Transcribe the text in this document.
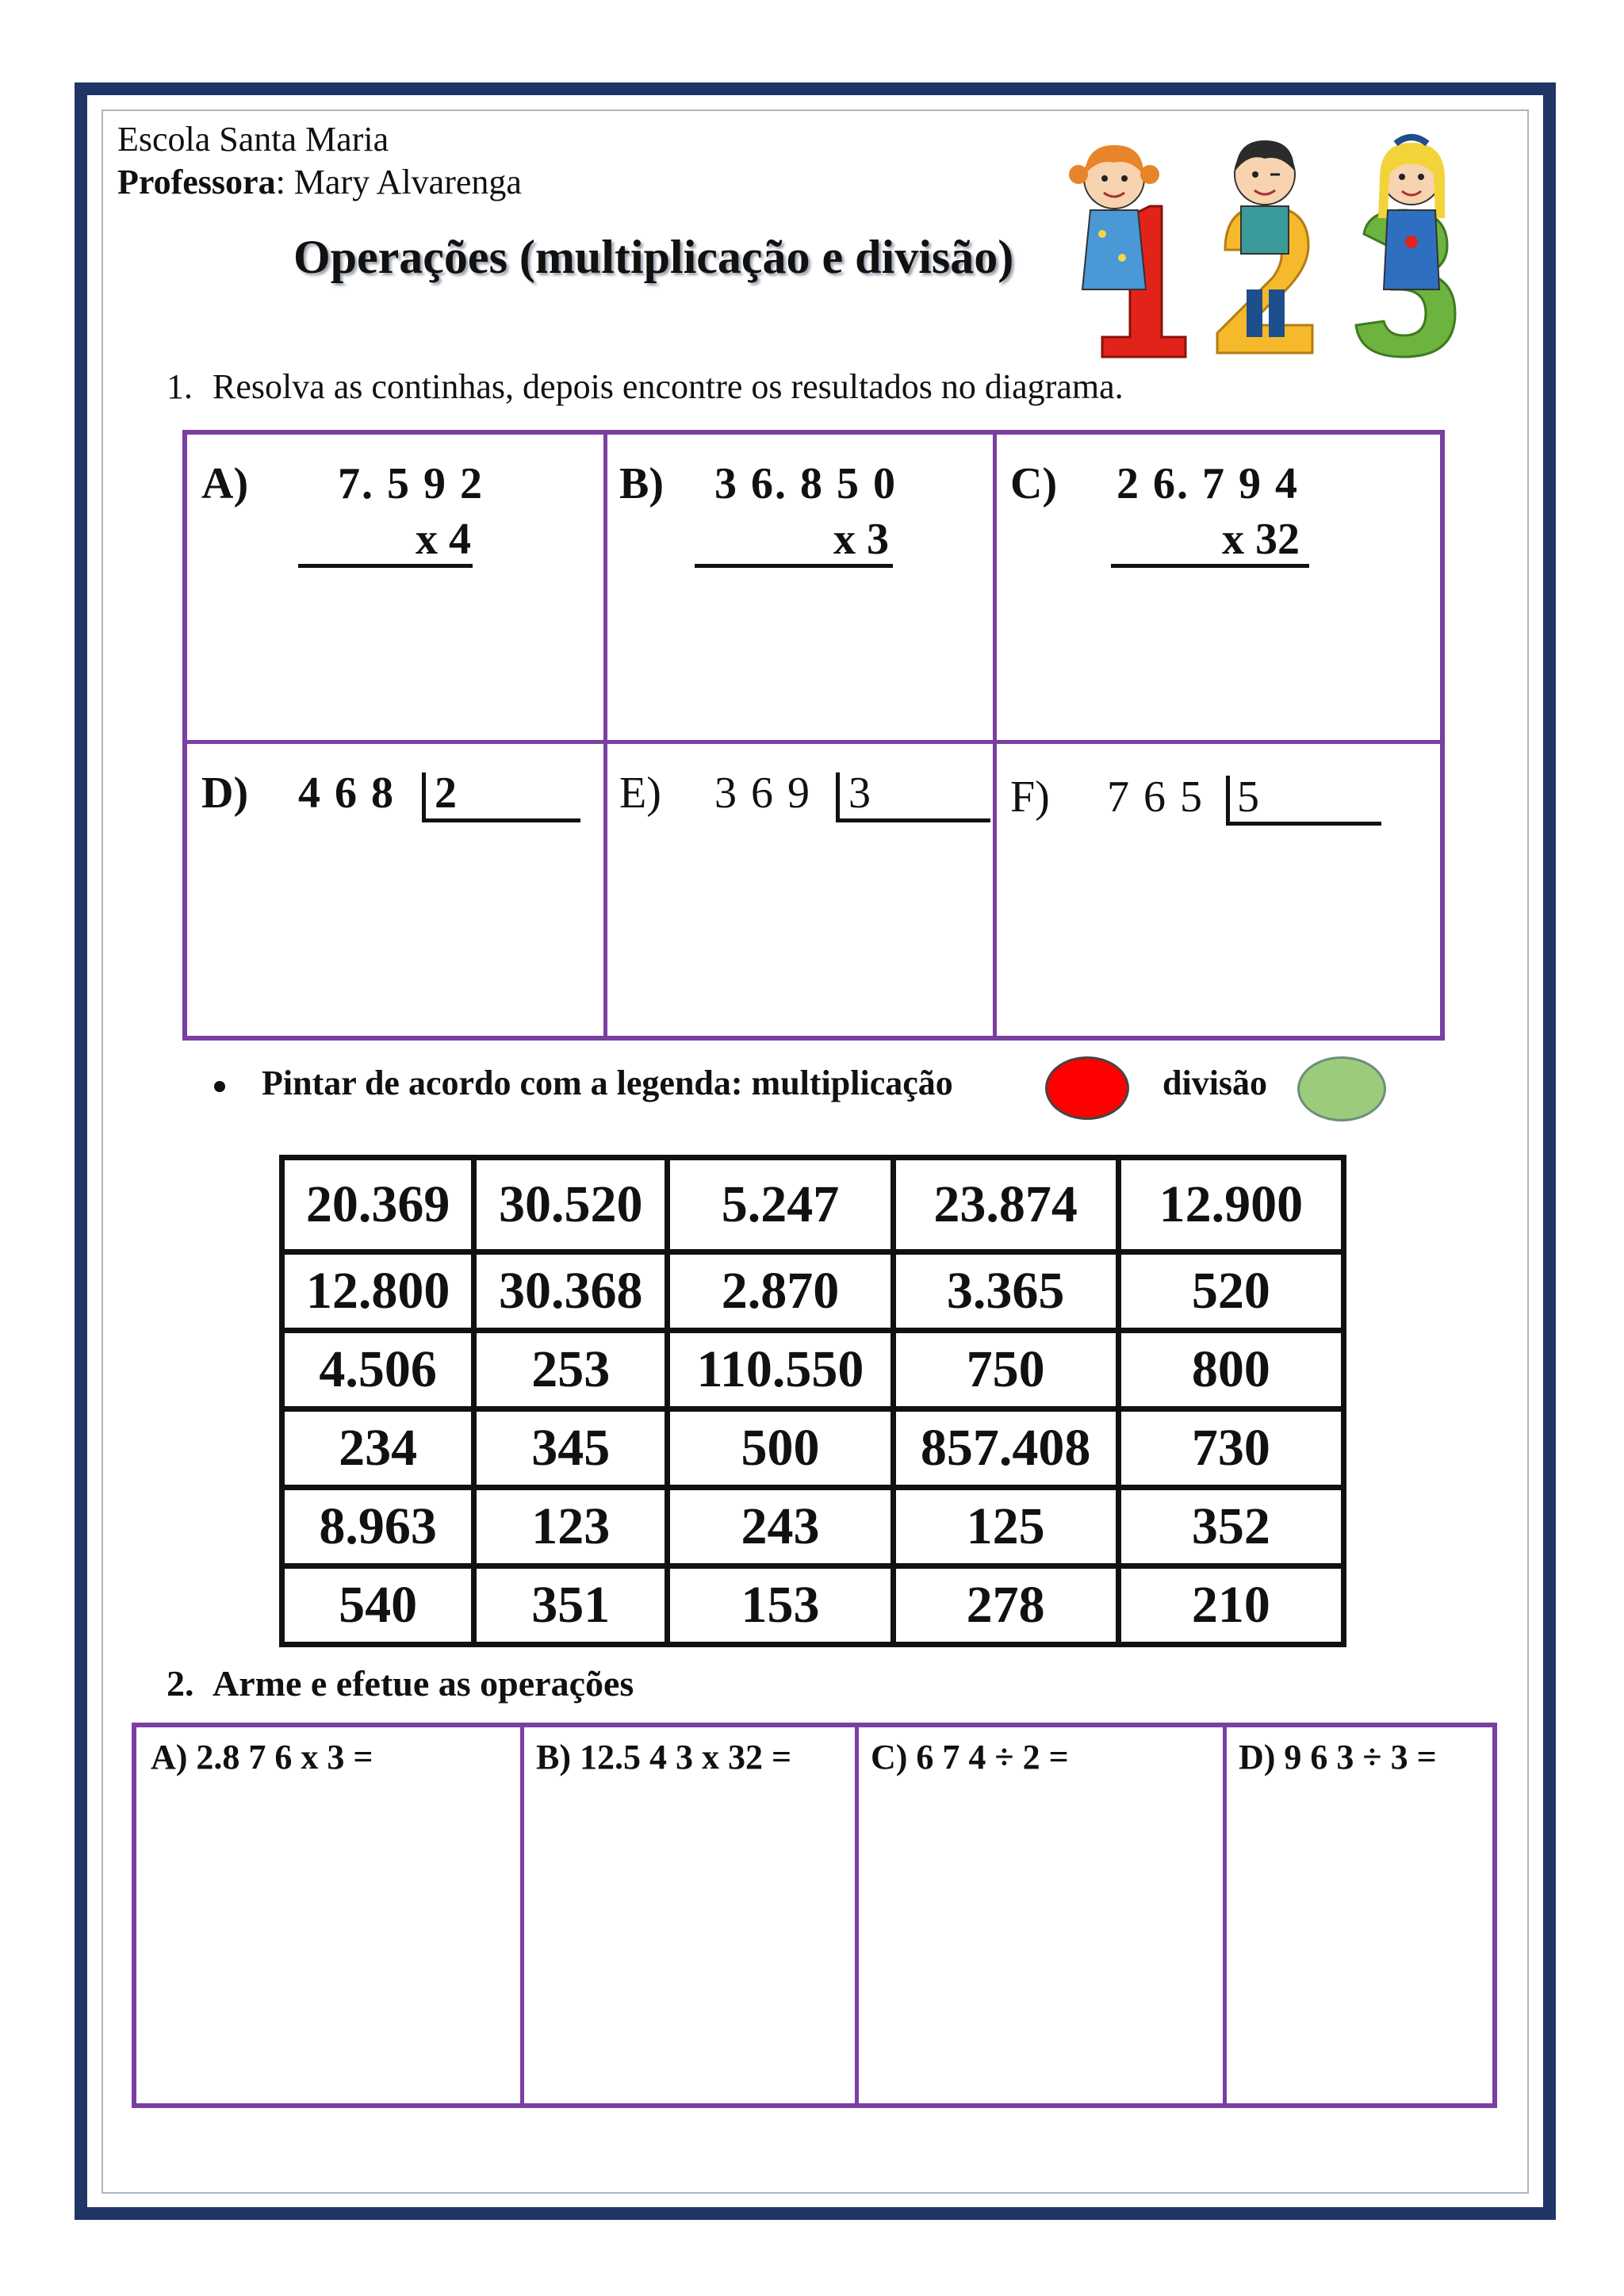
Escola Santa Maria
Professora: Mary Alvarenga
Operações (multiplicação e divisão)
1. Resolva as continhas, depois encontre os resultados no diagrama.
A) 7. 5 9 2
x 4
B) 3 6. 8 5 0
x 3
C) 2 6. 7 9 4
x 32
D) 4 6 8 2	E) 3 6 9 3	F) 7 6 5 5
Pintar de acordo com a legenda: multiplicação	divisão
20.369	30.520	5.247	23.874	12.900
12.800	30.368	2.870	3.365	520
4.506	253	110.550	750	800
234	345	500	857.408	730
8.963	123	243	125	352
540	351	153	278	210
2. Arme e efetue as operações
A) 2.8 7 6 x 3 =	B) 12.5 4 3 x 32 = C) 6 7 4 ÷ 2 =	D) 9 6 3 ÷ 3 =
